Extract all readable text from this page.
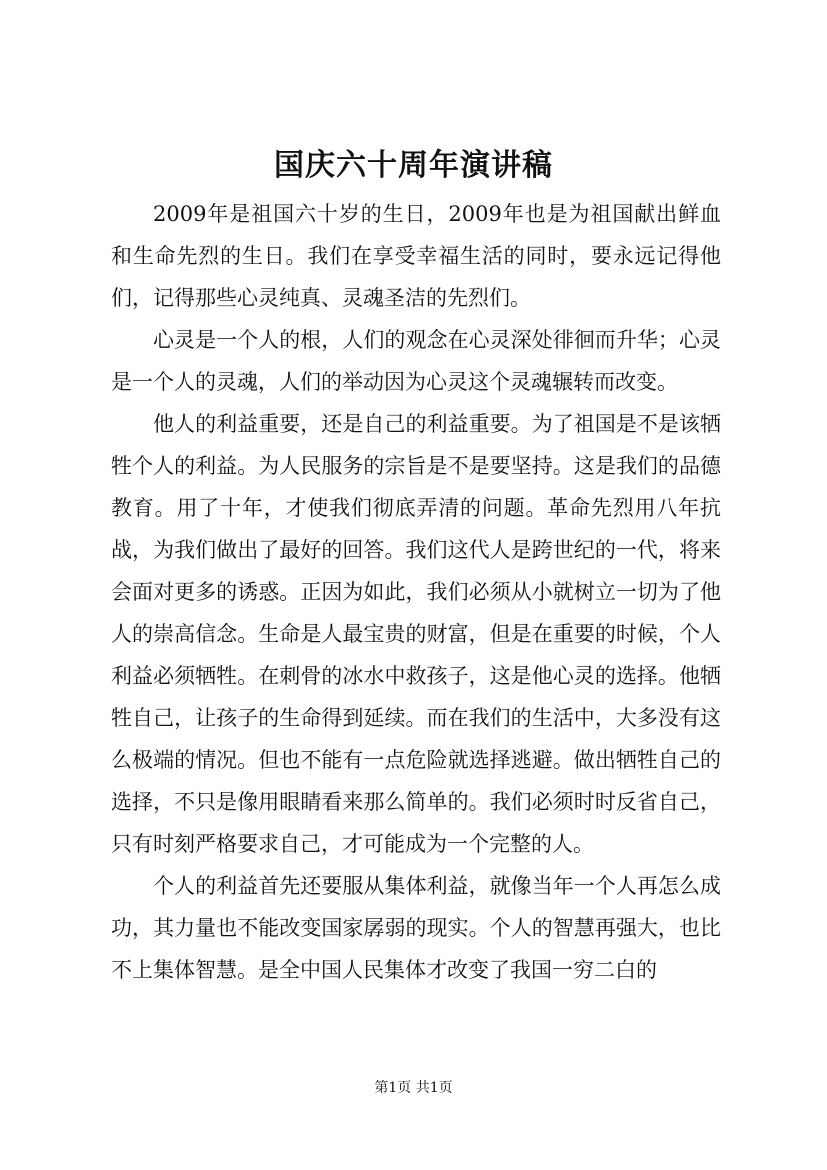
国庆六十周年演讲稿

2009年是祖国六十岁的生日，2009年也是为祖国献出鲜血和生命先烈的生日。我们在享受幸福生活的同时，要永远记得他们，记得那些心灵纯真、灵魂圣洁的先烈们。

心灵是一个人的根，人们的观念在心灵深处徘徊而升华；心灵是一个人的灵魂，人们的举动因为心灵这个灵魂辗转而改变。

他人的利益重要，还是自己的利益重要。为了祖国是不是该牺牲个人的利益。为人民服务的宗旨是不是要坚持。这是我们的品德教育。用了十年，才使我们彻底弄清的问题。革命先烈用八年抗战，为我们做出了最好的回答。我们这代人是跨世纪的一代，将来会面对更多的诱惑。正因为如此，我们必须从小就树立一切为了他人的崇高信念。生命是人最宝贵的财富，但是在重要的时候，个人利益必须牺牲。在刺骨的冰水中救孩子，这是他心灵的选择。他牺牲自己，让孩子的生命得到延续。而在我们的生活中，大多没有这么极端的情况。但也不能有一点危险就选择逃避。做出牺牲自己的选择，不只是像用眼睛看来那么简单的。我们必须时时反省自己，只有时刻严格要求自己，才可能成为一个完整的人。

个人的利益首先还要服从集体利益，就像当年一个人再怎么成功，其力量也不能改变国家孱弱的现实。个人的智慧再强大，也比不上集体智慧。是全中国人民集体才改变了我国一穷二白的

第1页 共1页
